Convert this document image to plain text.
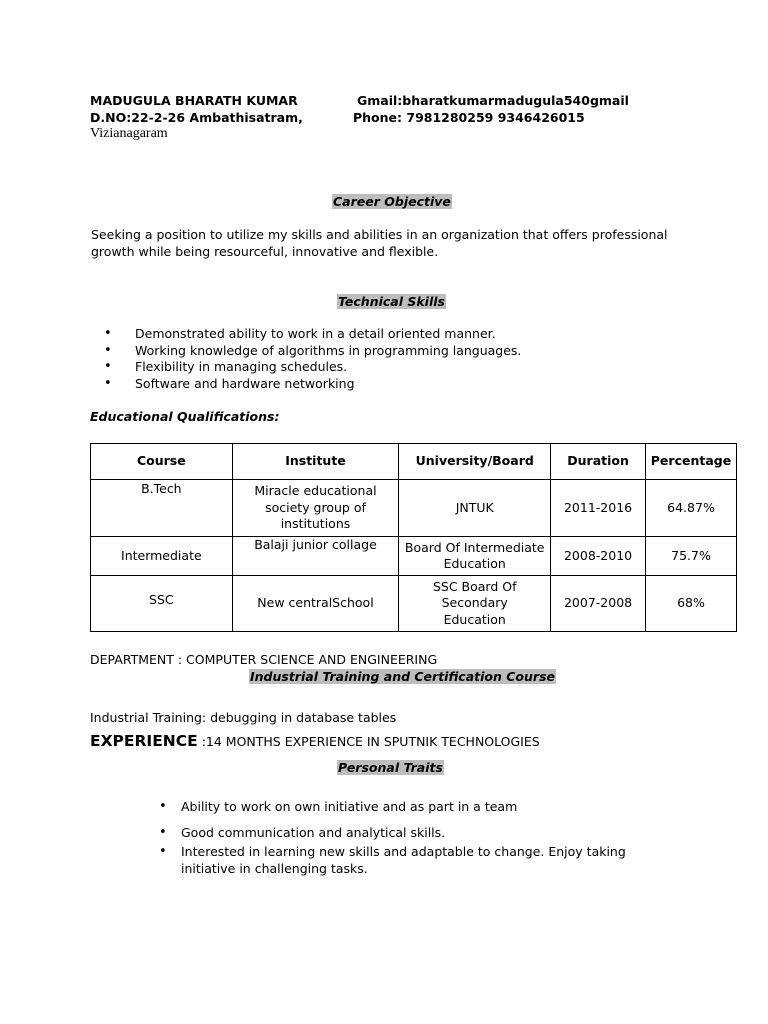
MADUGULA BHARATH KUMAR
D.NO:22-2-26 Ambathisatram,
Vizianagaram
Gmail:bharatkumarmadugula540gmail
Phone: 7981280259 9346426015
Career Objective
Seeking a position to utilize my skills and abilities in an organization that offers professional growth while being resourceful, innovative and flexible.
Technical Skills
• Demonstrated ability to work in a detail oriented manner.
• Working knowledge of algorithms in programming languages.
• Flexibility in managing schedules.
• Software and hardware networking
Educational Qualifications:
Course	Institute	University/Board	Duration	Percentage
B.Tech	Miracle educational society group of institutions	JNTUK	2011-2016	64.87%
Intermediate	Balaji junior collage	Board Of Intermediate Education	2008-2010	75.7%
SSC	New centralSchool	SSC Board Of Secondary Education	2007-2008	68%
DEPARTMENT : COMPUTER SCIENCE AND ENGINEERING
Industrial Training and Certification Course
Industrial Training: debugging in database tables
EXPERIENCE :14 MONTHS EXPERIENCE IN SPUTNIK TECHNOLOGIES
Personal Traits
• Ability to work on own initiative and as part in a team
• Good communication and analytical skills.
• Interested in learning new skills and adaptable to change. Enjoy taking initiative in challenging tasks.
